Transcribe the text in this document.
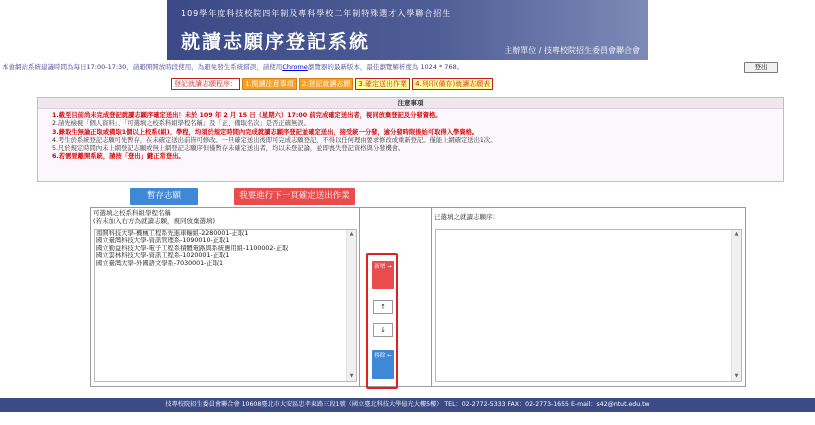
109學年度科技校院四年制及專科學校二年制特殊選才入學聯合招生
就讀志願序登記系統	主辦單位 / 技專校院招生委員會聯合會
本會網站系統建議時間為每日17:00-17:30，請避開開放時段使用，為避免發生系統錯誤，請使用Chrome瀏覽器的最新版本，最佳瀏覽解析度為 1024 * 768。	登出
登記就讀志願程序：	1.閱讀注意事項	2.登記就讀志願	3.確定送出作業	4.列印(備存)就讀志願表
注意事項
1.截至目前尚未完成登記就讀志願序確定送出！未於 109 年 2 月 15 日（星期六）17:00 前完成確定送出者，視同放棄登記及分發資格。
2.請先檢視「個人資料」、「可選填之校系科組學程名稱」及「正、備取名次」是否正確無誤。
3.錄取生無論正取或備取1個以上校系(組)、學程，均須於規定時間內完成就讀志願序登記並確定送出，接受統一分發，逾分發時限後始可取得入學資格。
4.考生於系統登記志願可先暫存，在未確定送出前皆可修改。一旦確定送出後即可完成志願登記，不得以任何理由要求修改或重新登記。僅能上網確定送出1次。
5.凡於規定時間內未上網登記志願或無上網登記志願序但僅暫存未確定送出者，均以未登記論，並即喪失登記資格與分發機會。
6.若需要離開系統，請按「登出」鍵正常登出。
暫存志願	我要進行下一頁確定送出作業
可選填之校系科組學程名稱
(若未加入右方為就讀志願，視同放棄選填)
南開科技大學-機械工程系先進車輛組-2280001-正取1
國立臺灣科技大學-資訊管理系-1090010-正取1
國立勤益科技大學-電子工程系積體電路與系統應用組-1100002-正取
國立雲林科技大學-資訊工程系-1020001-正取1
國立臺灣大學-外國語文學系-7030001-正取1
▲
▼
新增 →
↑
↓
移除 ←
已選填之就讀志願序：
▲
▼
技專校院招生委員會聯合會 10608臺北市大安區忠孝東路三段1號（國立臺北科技大學億光大樓5樓） TEL：02-2772-5333 FAX：02-2773-1655 E-mail：s42@ntut.edu.tw
